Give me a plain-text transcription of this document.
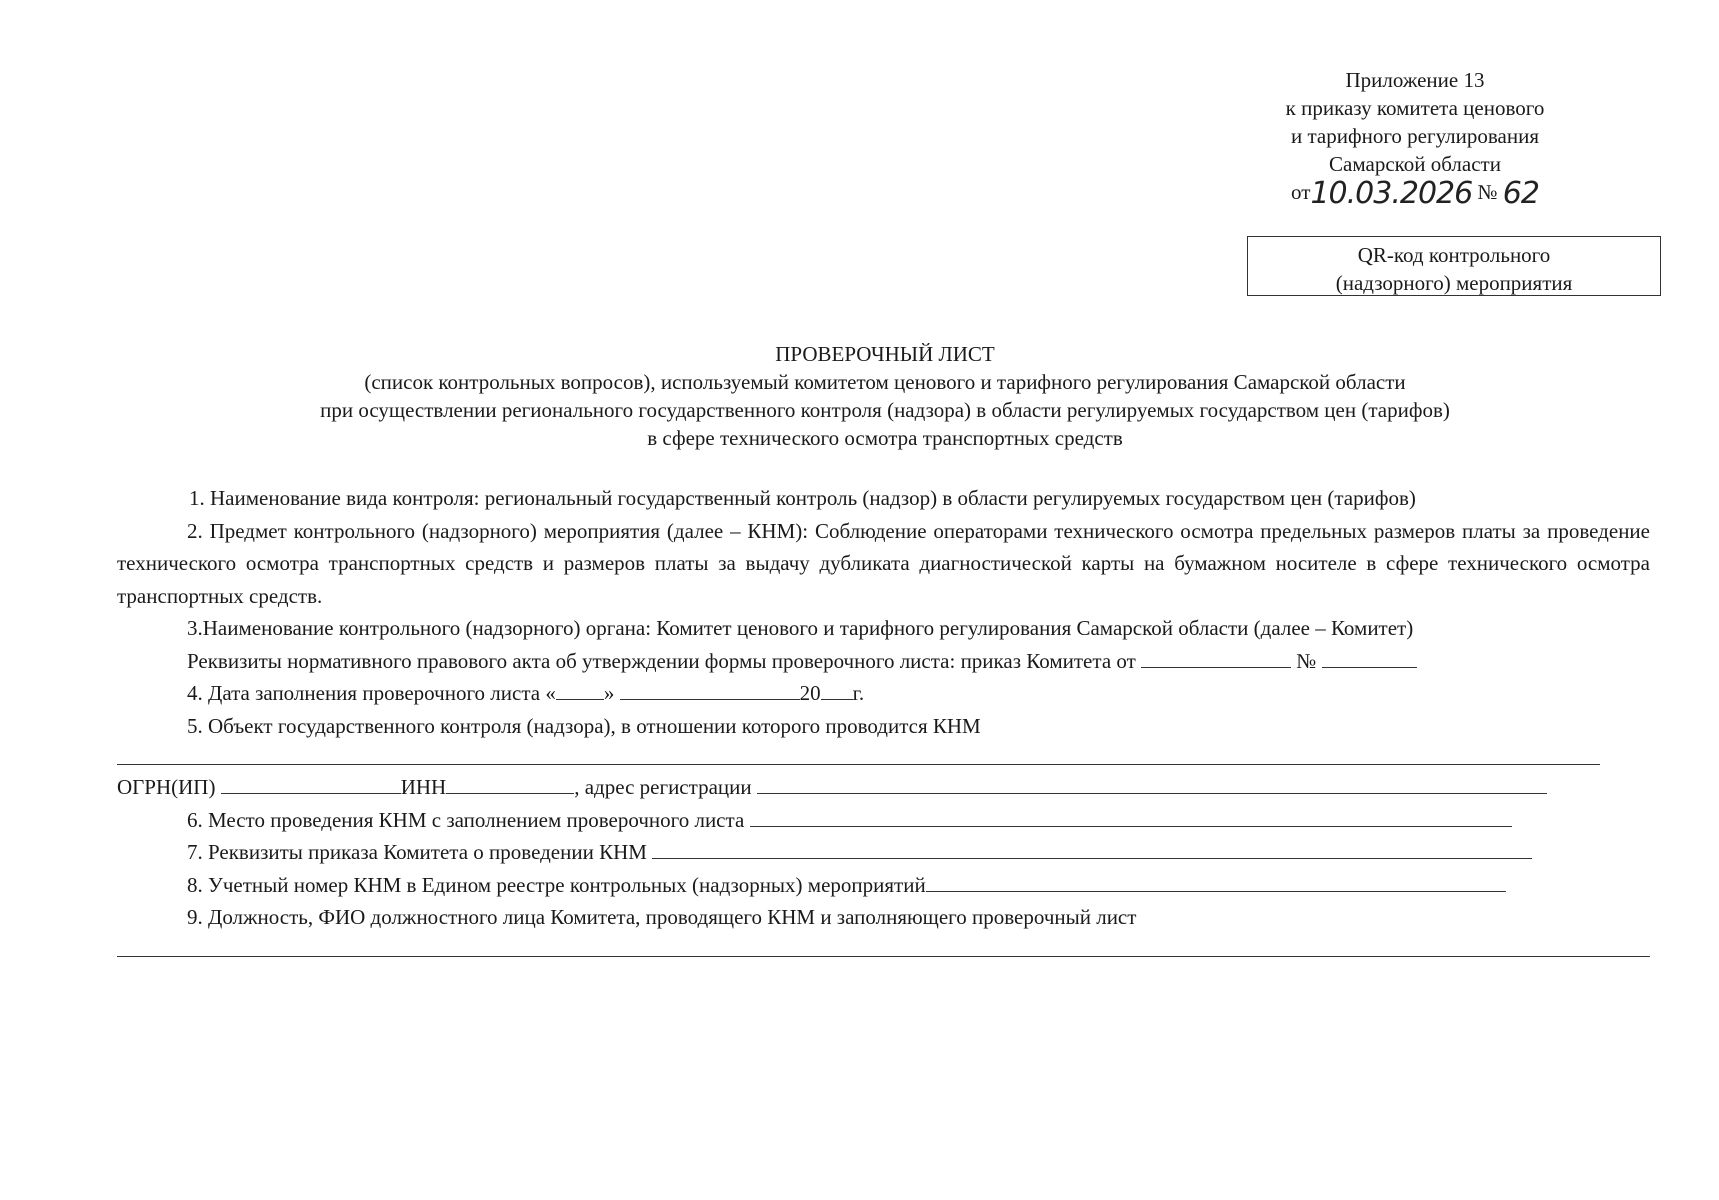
Приложение 13
к приказу комитета ценового
и тарифного регулирования
Самарской области
от10.03.2026 № 62
QR-код контрольного
(надзорного) мероприятия
ПРОВЕРОЧНЫЙ ЛИСТ
(список контрольных вопросов), используемый комитетом ценового и тарифного регулирования Самарской области
при осуществлении регионального государственного контроля (надзора) в области регулируемых государством цен (тарифов)
в сфере технического осмотра транспортных средств

1. Наименование вида контроля: региональный государственный контроль (надзор) в области регулируемых государством цен (тарифов)

2. Предмет контрольного (надзорного) мероприятия (далее – КНМ): Соблюдение операторами технического осмотра предельных размеров платы за проведение технического осмотра транспортных средств и размеров платы за выдачу дубликата диагностической карты на бумажном носителе в сфере технического осмотра транспортных средств.

3.Наименование контрольного (надзорного) органа: Комитет ценового и тарифного регулирования Самарской области (далее – Комитет)

Реквизиты нормативного правового акта об утверждении формы проверочного листа: приказ Комитета от	№

4. Дата заполнения проверочного листа « »	20 г.

5. Объект государственного контроля (надзора), в отношении которого проводится КНМ

ОГРН(ИП)	ИНН	, адрес регистрации

6. Место проведения КНМ с заполнением проверочного листа

7. Реквизиты приказа Комитета о проведении КНМ

8. Учетный номер КНМ в Едином реестре контрольных (надзорных) мероприятий

9. Должность, ФИО должностного лица Комитета, проводящего КНМ и заполняющего проверочный лист
